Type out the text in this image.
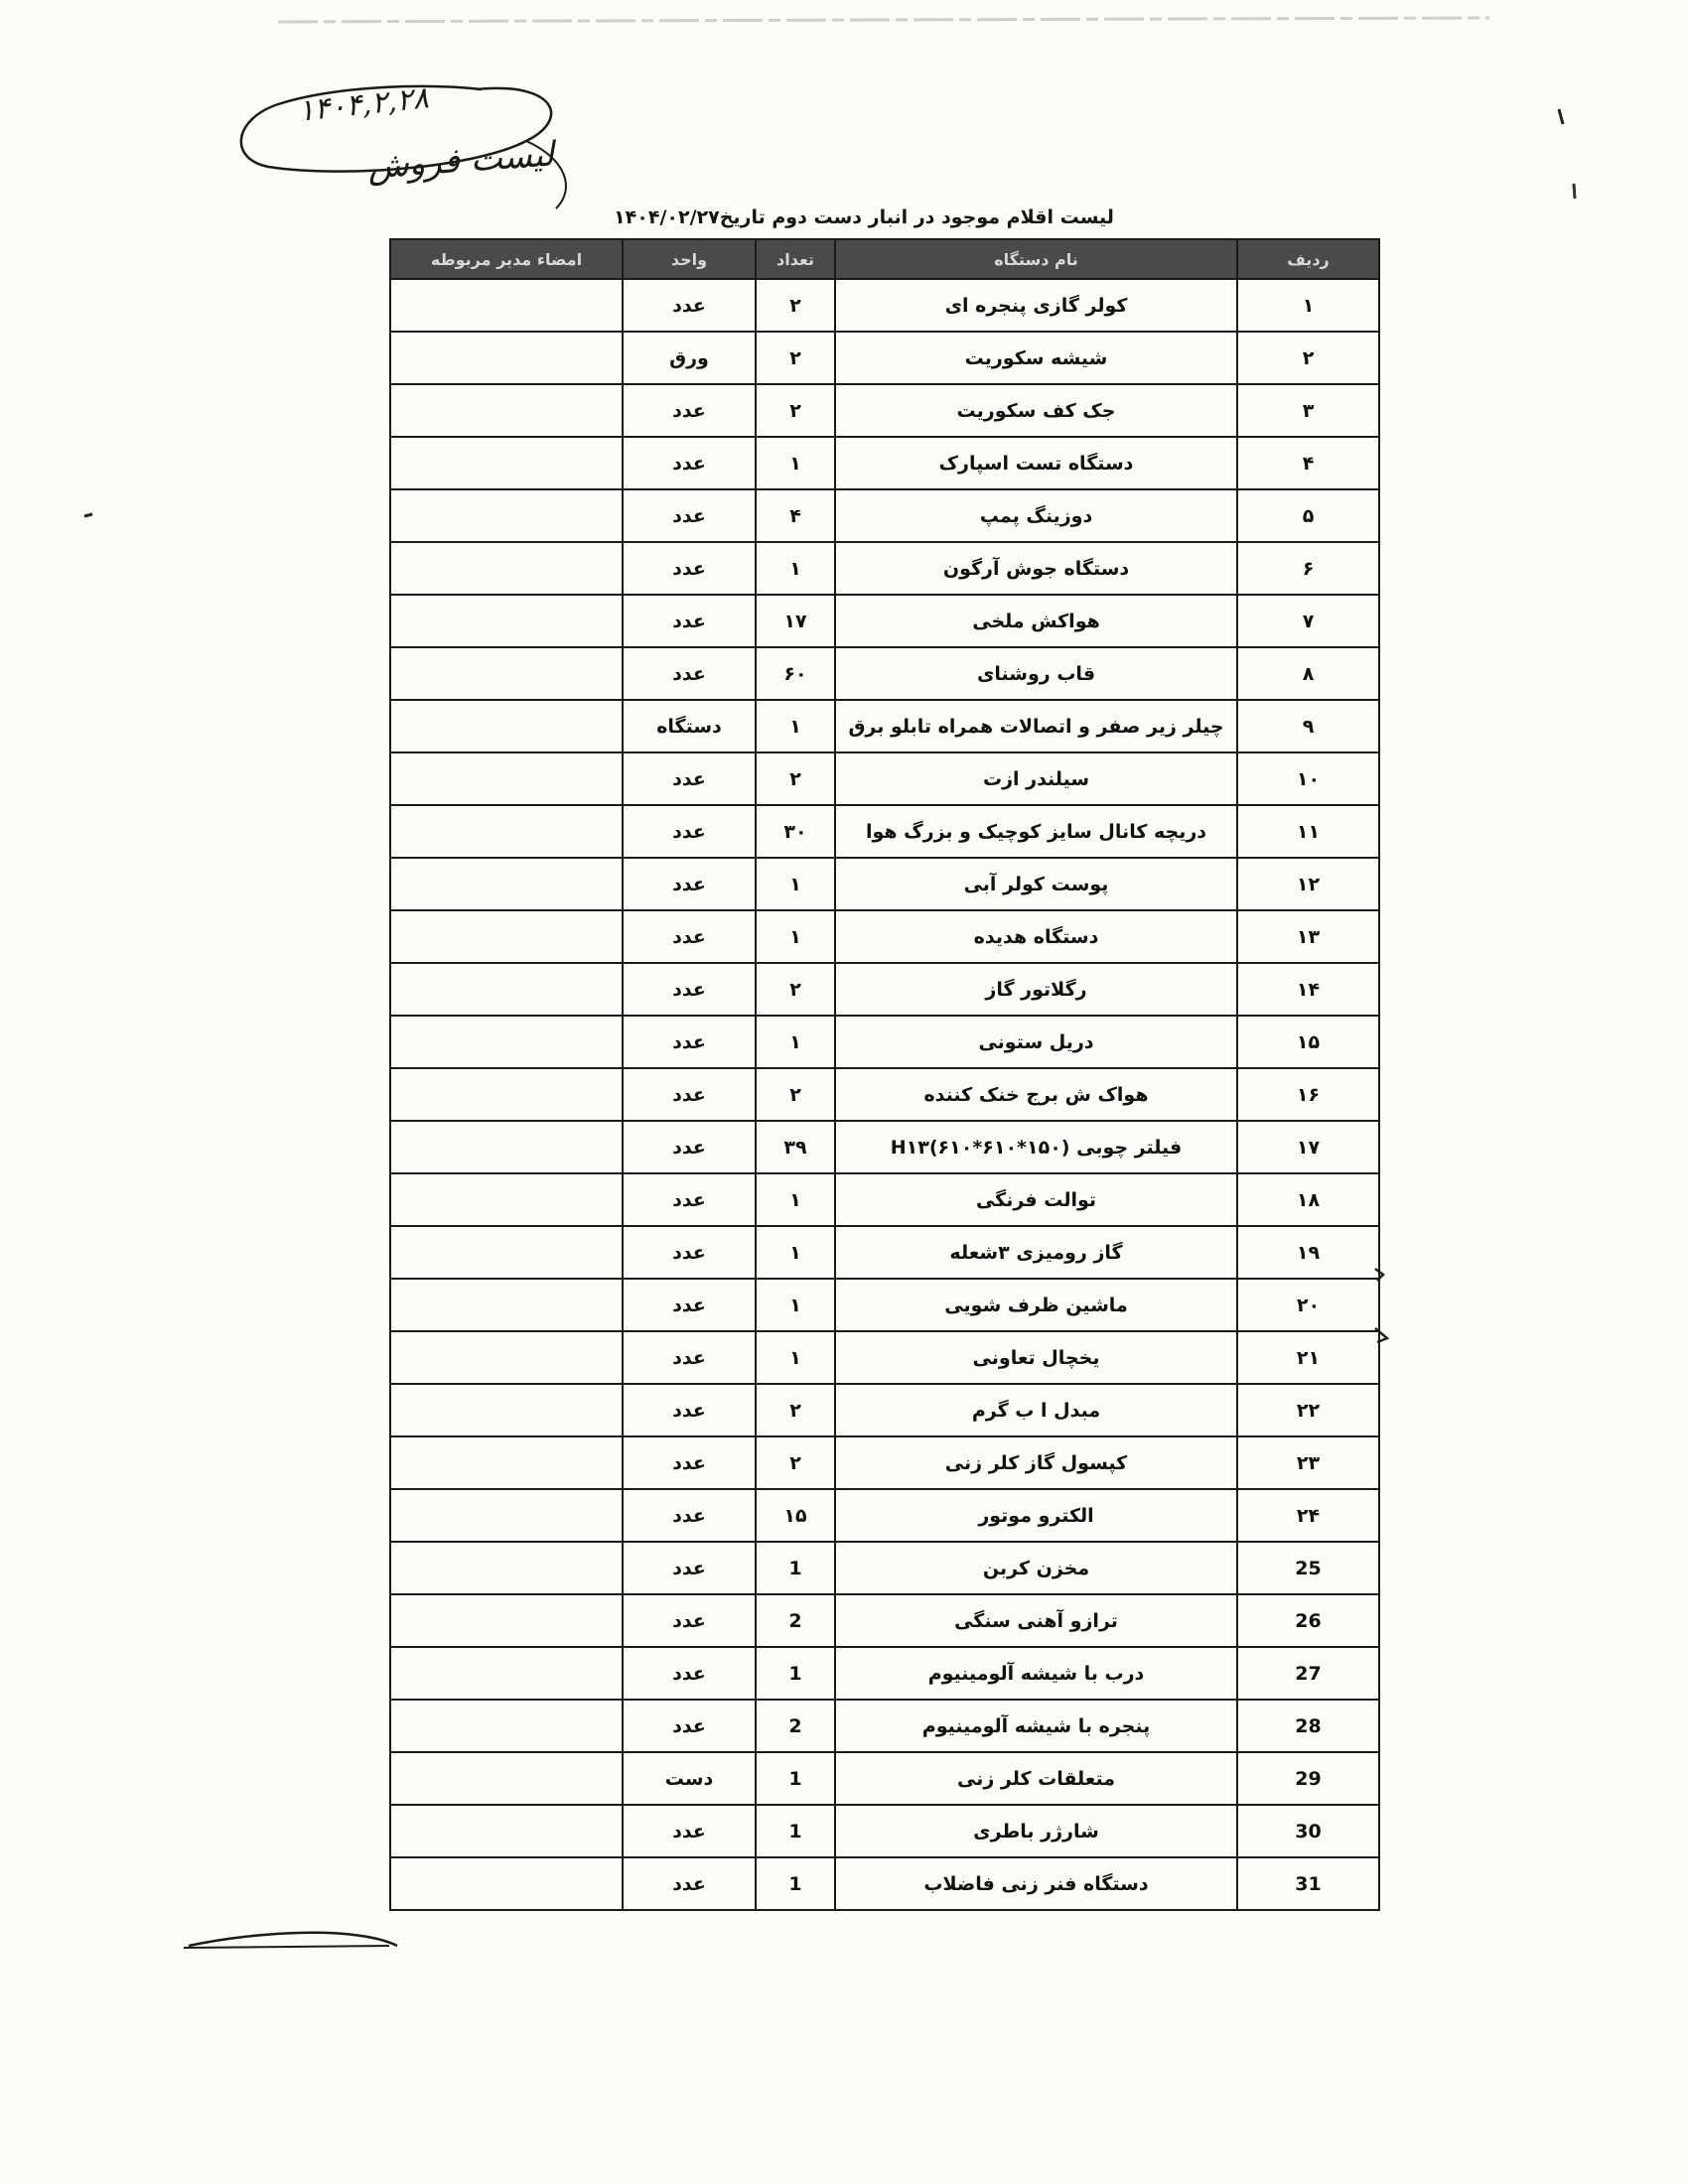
۱۴۰۴,۲,۲۸
لیست فروش
لیست اقلام موجود در انبار دست دوم تاریخ۱۴۰۴/۰۲/۲۷
ردیف	نام دستگاه	تعداد	واحد	امضاء مدیر مربوطه
۱	کولر گازی پنجره ای	۲	عدد	
۲	شیشه سکوریت	۲	ورق	
۳	جک کف سکوریت	۲	عدد	
۴	دستگاه تست اسپارک	۱	عدد	
۵	دوزینگ پمپ	۴	عدد	
۶	دستگاه جوش آرگون	۱	عدد	
۷	هواکش ملخی	۱۷	عدد	
۸	قاب روشنای	۶۰	عدد	
۹	چیلر زیر صفر و اتصالات همراه تابلو برق	۱	دستگاه	
۱۰	سیلندر ازت	۲	عدد	
۱۱	دریچه کانال سایز کوچیک و بزرگ هوا	۳۰	عدد	
۱۲	پوست کولر آبی	۱	عدد	
۱۳	دستگاه هدیده	۱	عدد	
۱۴	رگلاتور گاز	۲	عدد	
۱۵	دریل ستونی	۱	عدد	
۱۶	هواک ش برج خنک کننده	۲	عدد	
۱۷	فیلتر چوبی H۱۳(۶۱۰*۶۱۰*۱۵۰)	۳۹	عدد	
۱۸	توالت فرنگی	۱	عدد	
۱۹	گاز رومیزی ۳شعله	۱	عدد	
۲۰	ماشین ظرف شویی	۱	عدد	
۲۱	یخچال تعاونی	۱	عدد	
۲۲	مبدل ا ب گرم	۲	عدد	
۲۳	کپسول گاز کلر زنی	۲	عدد	
۲۴	الکترو موتور	۱۵	عدد	
25	مخزن کربن	1	عدد	
26	ترازو آهنی سنگی	2	عدد	
27	درب با شیشه آلومینیوم	1	عدد	
28	پنجره با شیشه آلومینیوم	2	عدد	
29	متعلقات کلر زنی	1	دست	
30	شارژر باطری	1	عدد	
31	دستگاه فنر زنی فاضلاب	1	عدد	
